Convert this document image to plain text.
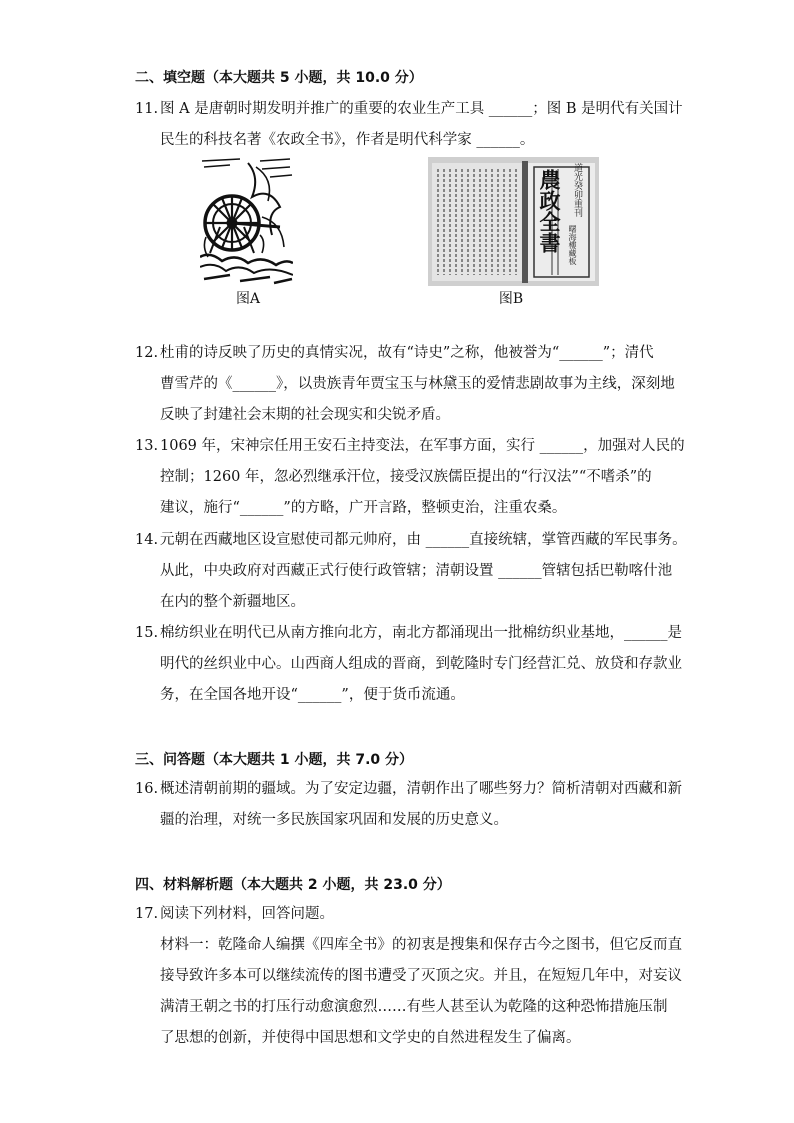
二、填空题（本大题共 5 小题，共 10.0 分）
11. 图 A 是唐朝时期发明并推广的重要的农业生产工具 ______；图 B 是明代有关国计
民生的科技名著《农政全书》，作者是明代科学家 ______。
图A
道光癸卯重刊
農政全書 曙海樓藏板
图B
12. 杜甫的诗反映了历史的真情实况，故有“诗史”之称，他被誉为“______”；清代
曹雪芹的《______》，以贵族青年贾宝玉与林黛玉的爱情悲剧故事为主线，深刻地
反映了封建社会末期的社会现实和尖锐矛盾。
13. 1069 年，宋神宗任用王安石主持变法，在军事方面，实行 ______，加强对人民的
控制；1260 年，忽必烈继承汗位，接受汉族儒臣提出的“行汉法”“不嗜杀”的
建议，施行“______”的方略，广开言路，整顿吏治，注重农桑。
14. 元朝在西藏地区设宣慰使司都元帅府，由 ______直接统辖，掌管西藏的军民事务。
从此，中央政府对西藏正式行使行政管辖；清朝设置 ______管辖包括巴勒喀什池
在内的整个新疆地区。
15. 棉纺织业在明代已从南方推向北方，南北方都涌现出一批棉纺织业基地，______是
明代的丝织业中心。山西商人组成的晋商，到乾隆时专门经营汇兑、放贷和存款业
务，在全国各地开设“______”，便于货币流通。
三、问答题（本大题共 1 小题，共 7.0 分）
16. 概述清朝前期的疆域。为了安定边疆，清朝作出了哪些努力？简析清朝对西藏和新
疆的治理，对统一多民族国家巩固和发展的历史意义。
四、材料解析题（本大题共 2 小题，共 23.0 分）
17. 阅读下列材料，回答问题。
材料一：乾隆命人编撰《四库全书》的初衷是搜集和保存古今之图书，但它反而直
接导致许多本可以继续流传的图书遭受了灭顶之灾。并且，在短短几年中，对妄议
满清王朝之书的打压行动愈演愈烈……有些人甚至认为乾隆的这种恐怖措施压制
了思想的创新，并使得中国思想和文学史的自然进程发生了偏离。
